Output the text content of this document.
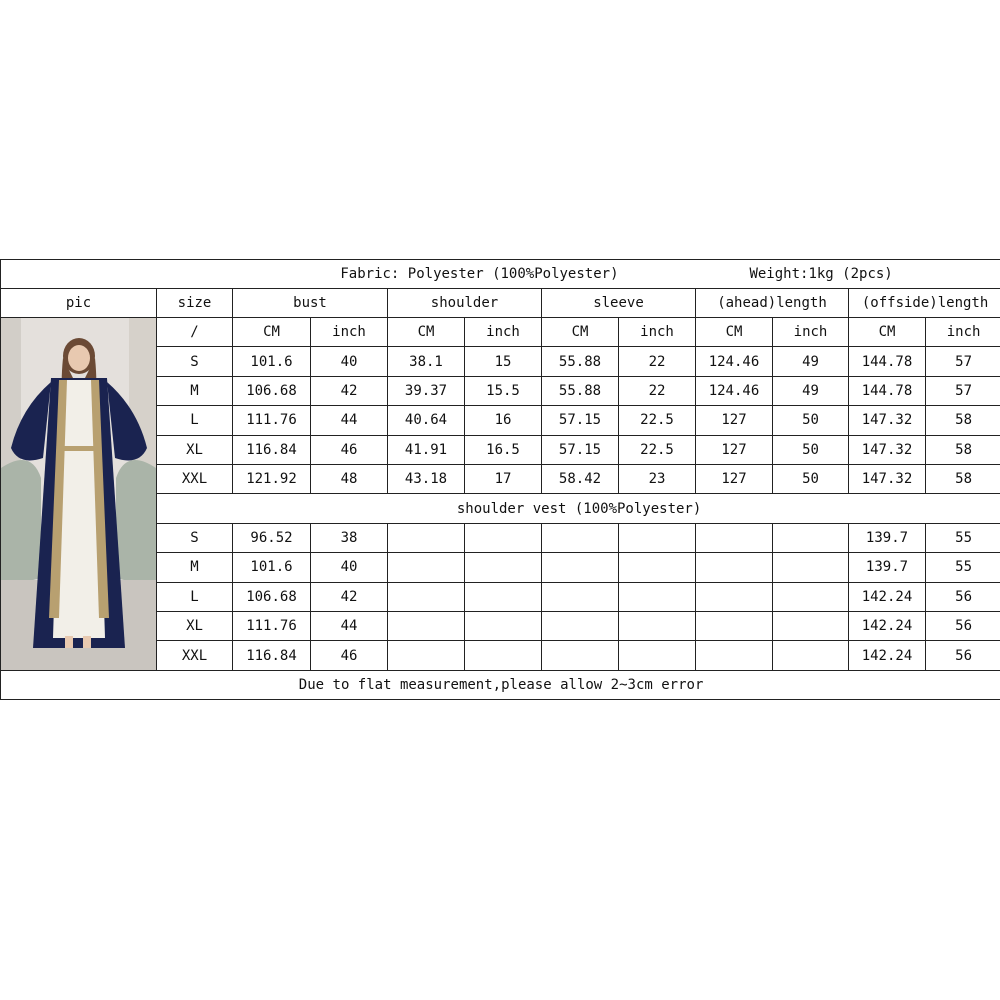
Fabric: Polyester (100%Polyester) Weight:1kg (2pcs)											
pic	size	bust		shoulder		sleeve		(ahead)length		(offside)length	

	/	CM	inch	CM	inch	CM	inch	CM	inch	CM	inch
	S	101.6	40	38.1	15	55.88	22	124.46	49	144.78	57
	M	106.68	42	39.37	15.5	55.88	22	124.46	49	144.78	57
	L	111.76	44	40.64	16	57.15	22.5	127	50	147.32	58
	XL	116.84	46	41.91	16.5	57.15	22.5	127	50	147.32	58
	XXL	121.92	48	43.18	17	58.42	23	127	50	147.32	58
	shoulder vest (100%Polyester)										
	S	96.52	38							139.7	55
	M	101.6	40							139.7	55
	L	106.68	42							142.24	56
	XL	111.76	44							142.24	56
	XXL	116.84	46							142.24	56
Due to flat measurement,please allow 2~3cm error											
